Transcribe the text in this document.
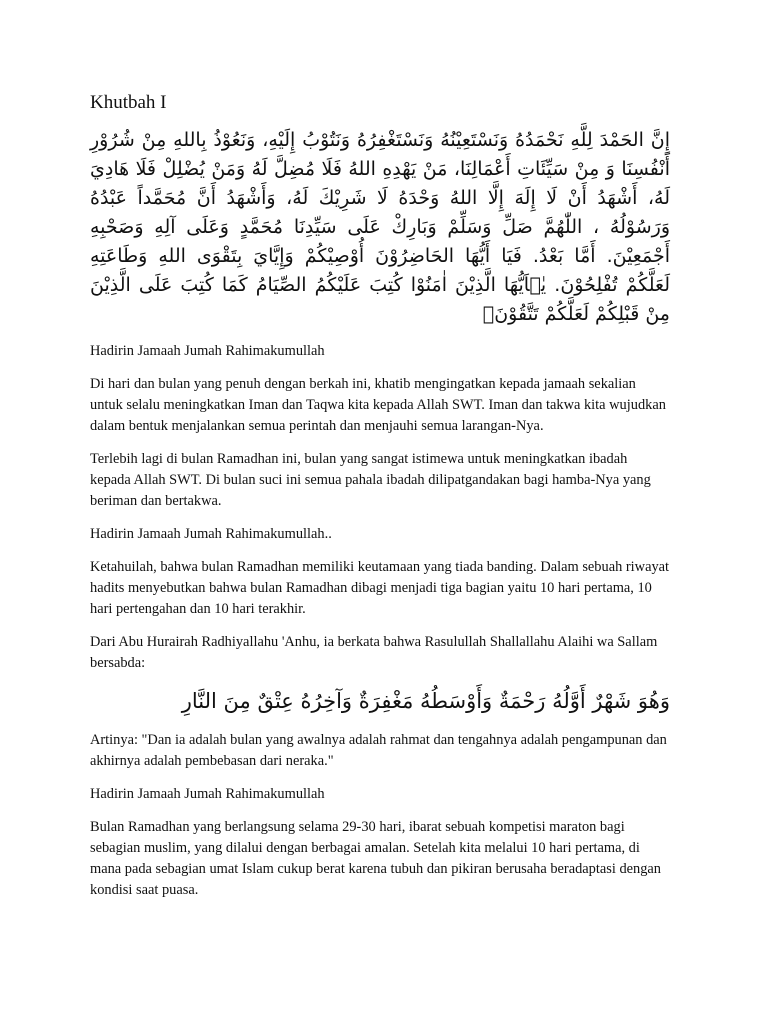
Khutbah I

إِنَّ الحَمْدَ لِلَّهِ نَحْمَدُهُ وَنَسْتَعِيْنُهُ وَنَسْتَغْفِرُهُ وَنَتُوْبُ إِلَيْهِ، وَنَعُوْذُ بِاللهِ مِنْ شُرُوْرِ أَنْفُسِنَا وَ مِنْ سَيِّئَاتِ أَعْمَالِنَا، مَنْ يَهْدِهِ اللهُ فَلَا مُضِلَّ لَهُ وَمَنْ يُضْلِلْ فَلَا هَادِيَ لَهُ، أَشْهَدُ أَنْ لَا إِلَهَ إِلَّا اللهُ وَحْدَهُ لَا شَرِيْكَ لَهُ، وَأَشْهَدُ أَنَّ مُحَمَّداً عَبْدُهُ وَرَسُوْلُهُ ، اللّٰهُمَّ صَلِّ وَسَلِّمْ وَبَارِكْ عَلَى سَيِّدِنَا مُحَمَّدٍ وَعَلَى آلِهِ وَصَحْبِهِ أَجْمَعِيْنَ. أَمَّا بَعْدُ. فَيَا أَيُّهَا الحَاضِرُوْنَ أُوْصِيْكُمْ وَإِيَّايَ بِتَقْوَى اللهِ وَطَاعَتِهِ لَعَلَّكُمْ تُفْلِحُوْنَ. يٰۤاَيُّهَا الَّذِيْنَ اٰمَنُوْا كُتِبَ عَلَيْكُمُ الصِّيَامُ كَمَا كُتِبَ عَلَى الَّذِيْنَ مِنْ قَبْلِكُمْ لَعَلَّكُمْ تَتَّقُوْنَۙ

Hadirin Jamaah Jumah Rahimakumullah

Di hari dan bulan yang penuh dengan berkah ini, khatib mengingatkan kepada jamaah sekalian untuk selalu meningkatkan Iman dan Taqwa kita kepada Allah SWT. Iman dan takwa kita wujudkan dalam bentuk menjalankan semua perintah dan menjauhi semua larangan-Nya.

Terlebih lagi di bulan Ramadhan ini, bulan yang sangat istimewa untuk meningkatkan ibadah kepada Allah SWT. Di bulan suci ini semua pahala ibadah dilipatgandakan bagi hamba-Nya yang beriman dan bertakwa.

Hadirin Jamaah Jumah Rahimakumullah..

Ketahuilah, bahwa bulan Ramadhan memiliki keutamaan yang tiada banding. Dalam sebuah riwayat hadits menyebutkan bahwa bulan Ramadhan dibagi menjadi tiga bagian yaitu 10 hari pertama, 10 hari pertengahan dan 10 hari terakhir.

Dari Abu Hurairah Radhiyallahu 'Anhu, ia berkata bahwa Rasulullah Shallallahu Alaihi wa Sallam bersabda:

وَهُوَ شَهْرٌ أَوَّلُهُ رَحْمَةٌ وَأَوْسَطُهُ مَغْفِرَةٌ وَآخِرُهُ عِتْقٌ مِنَ النَّارِ

Artinya: "Dan ia adalah bulan yang awalnya adalah rahmat dan tengahnya adalah pengampunan dan akhirnya adalah pembebasan dari neraka."

Hadirin Jamaah Jumah Rahimakumullah

Bulan Ramadhan yang berlangsung selama 29-30 hari, ibarat sebuah kompetisi maraton bagi sebagian muslim, yang dilalui dengan berbagai amalan. Setelah kita melalui 10 hari pertama, di mana pada sebagian umat Islam cukup berat karena tubuh dan pikiran berusaha beradaptasi dengan kondisi saat puasa.
